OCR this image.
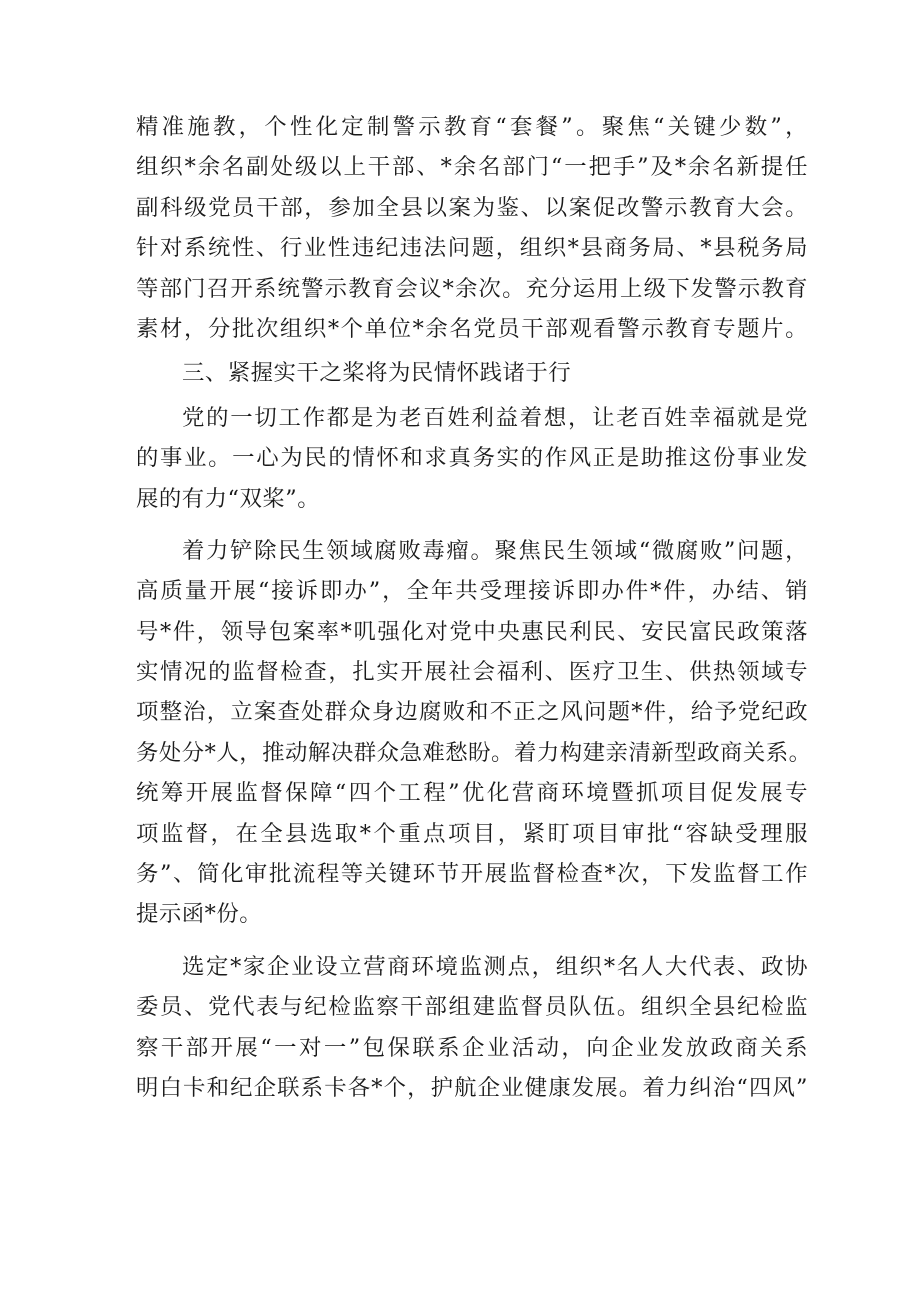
精准施教，个性化定制警示教育“套餐”。聚焦“关键少数”，
组织*余名副处级以上干部、*余名部门“一把手”及*余名新提任
副科级党员干部，参加全县以案为鉴、以案促改警示教育大会。
针对系统性、行业性违纪违法问题，组织*县商务局、*县税务局
等部门召开系统警示教育会议*余次。充分运用上级下发警示教育
素材，分批次组织*个单位*余名党员干部观看警示教育专题片。
三、紧握实干之桨将为民情怀践诸于行
党的一切工作都是为老百姓利益着想，让老百姓幸福就是党
的事业。一心为民的情怀和求真务实的作风正是助推这份事业发
展的有力“双桨”。
着力铲除民生领域腐败毒瘤。聚焦民生领域“微腐败”问题，
高质量开展“接诉即办”，全年共受理接诉即办件*件，办结、销
号*件，领导包案率*叽强化对党中央惠民利民、安民富民政策落
实情况的监督检查，扎实开展社会福利、医疗卫生、供热领域专
项整治，立案查处群众身边腐败和不正之风问题*件，给予党纪政
务处分*人，推动解决群众急难愁盼。着力构建亲清新型政商关系。
统筹开展监督保障“四个工程”优化营商环境暨抓项目促发展专
项监督，在全县选取*个重点项目，紧盯项目审批“容缺受理服
务”、简化审批流程等关键环节开展监督检查*次，下发监督工作
提示函*份。
选定*家企业设立营商环境监测点，组织*名人大代表、政协
委员、党代表与纪检监察干部组建监督员队伍。组织全县纪检监
察干部开展“一对一”包保联系企业活动，向企业发放政商关系
明白卡和纪企联系卡各*个，护航企业健康发展。着力纠治“四风”
